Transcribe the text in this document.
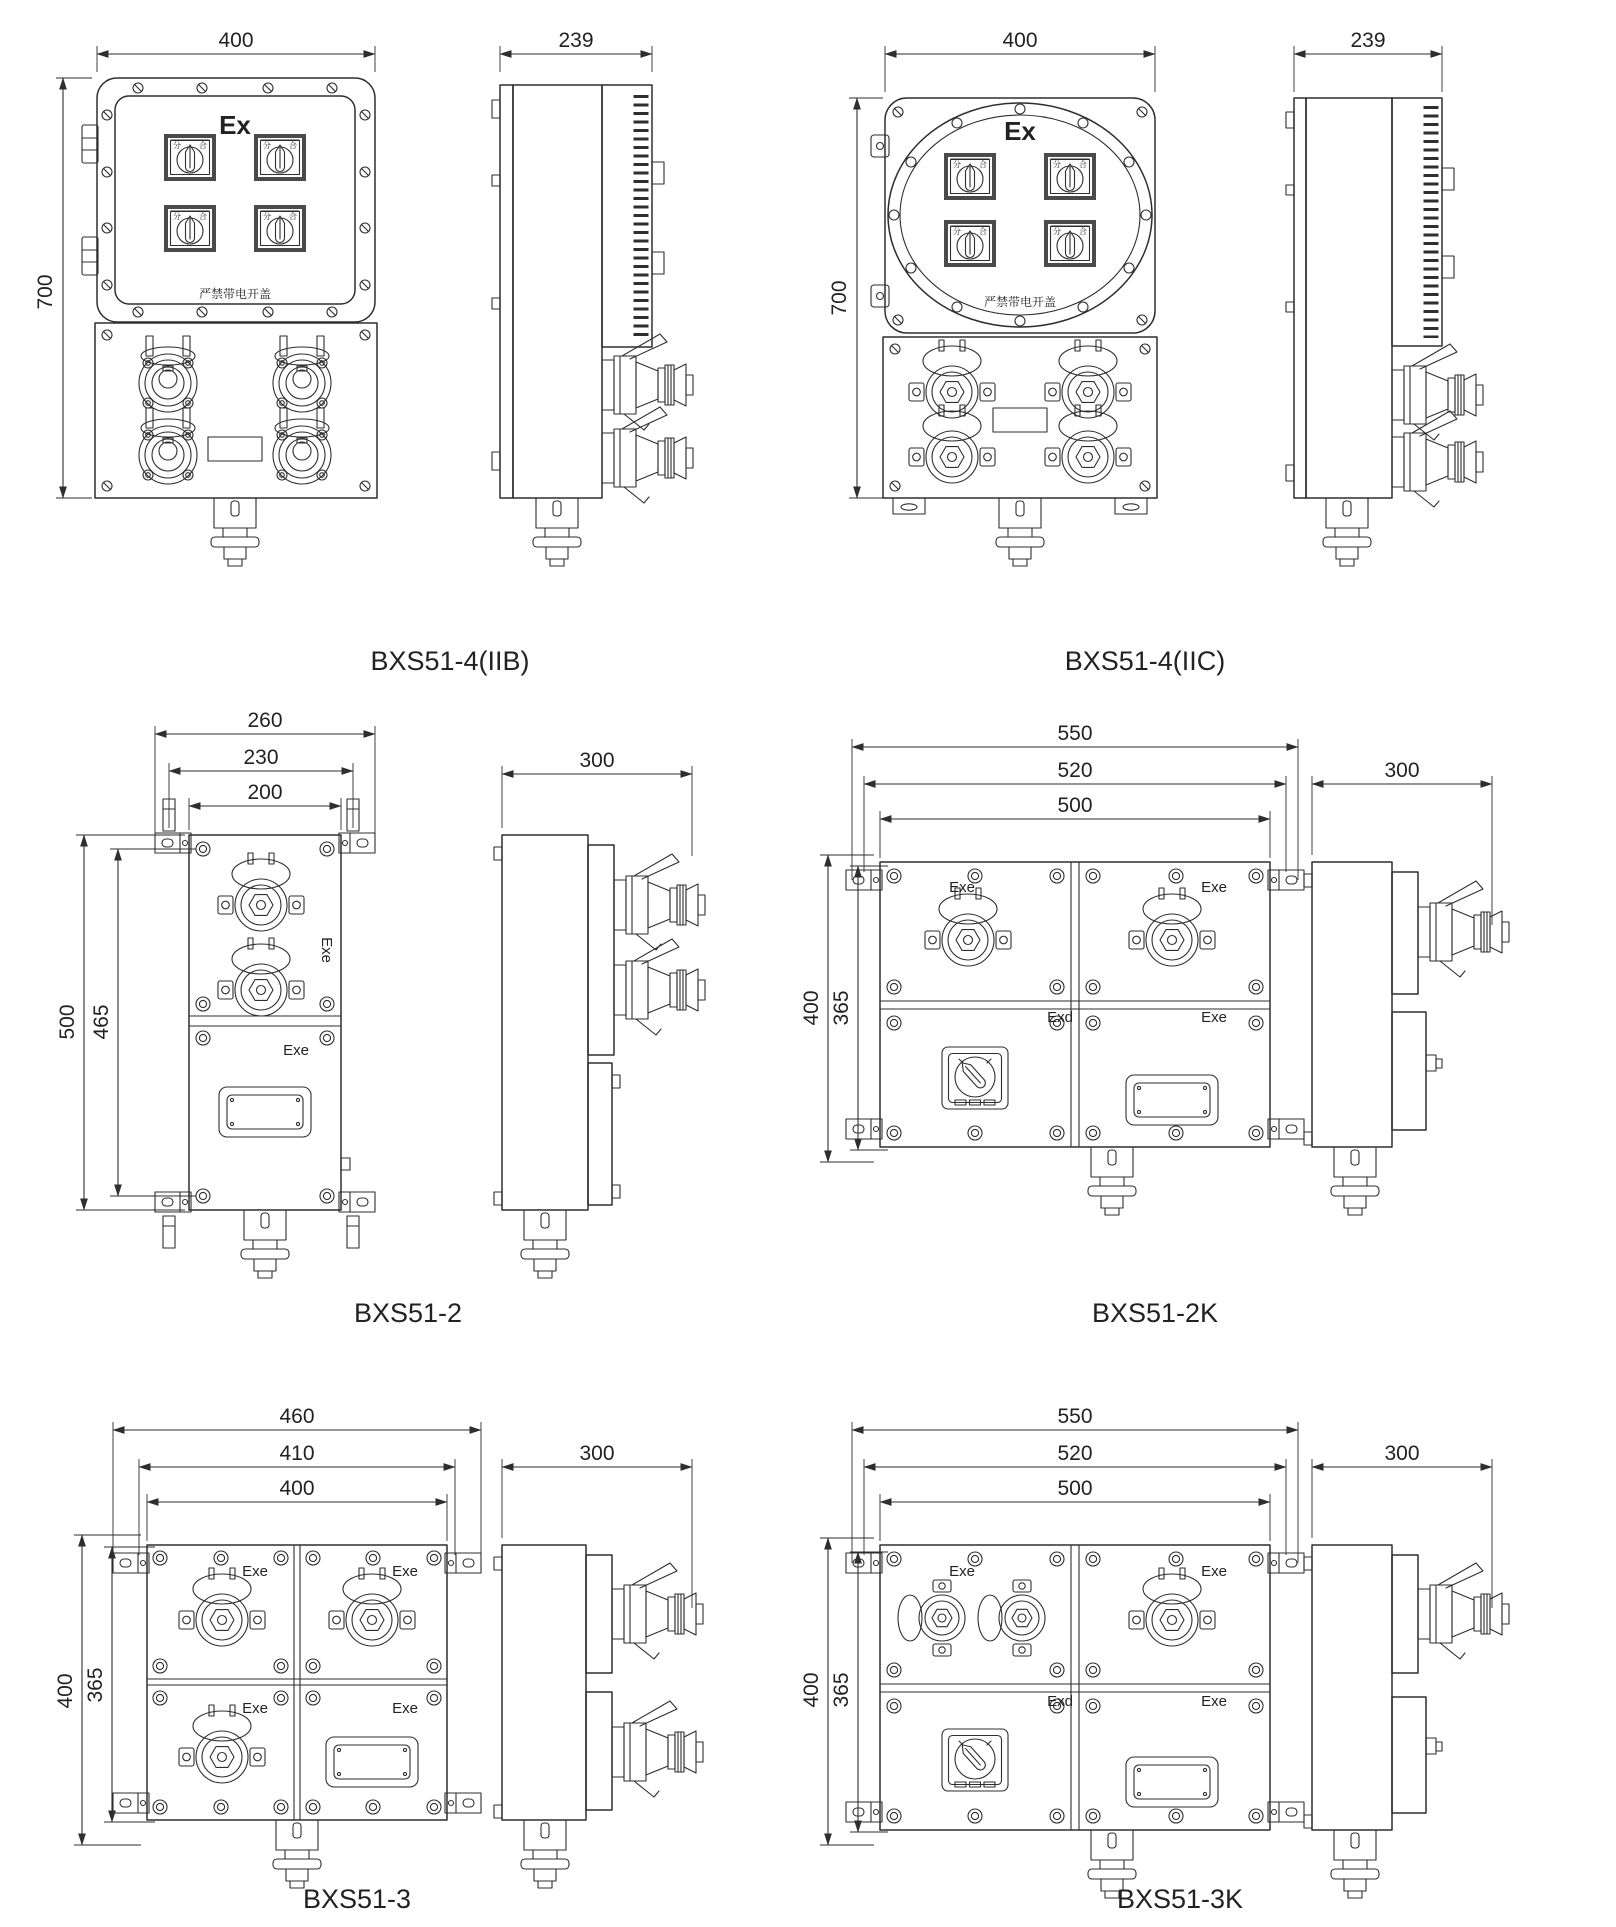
Ex
严禁带电开盖
400
700
239
BXS51-4(IIB)
Ex
严禁带电开盖
400
700
239
BXS51-4(IIC)
Exe
Exe
260
230
200
500 465
300
BXS51-2
Exe	Exe
Exd	Exe
550
520
500
400 365
300
BXS51-2K
Exe	Exe
Exe	Exe
460
410
400
400 365
300
BXS51-3
Exe	Exe
Exd	Exe
550
520
500
400 365
300
BXS51-3K
